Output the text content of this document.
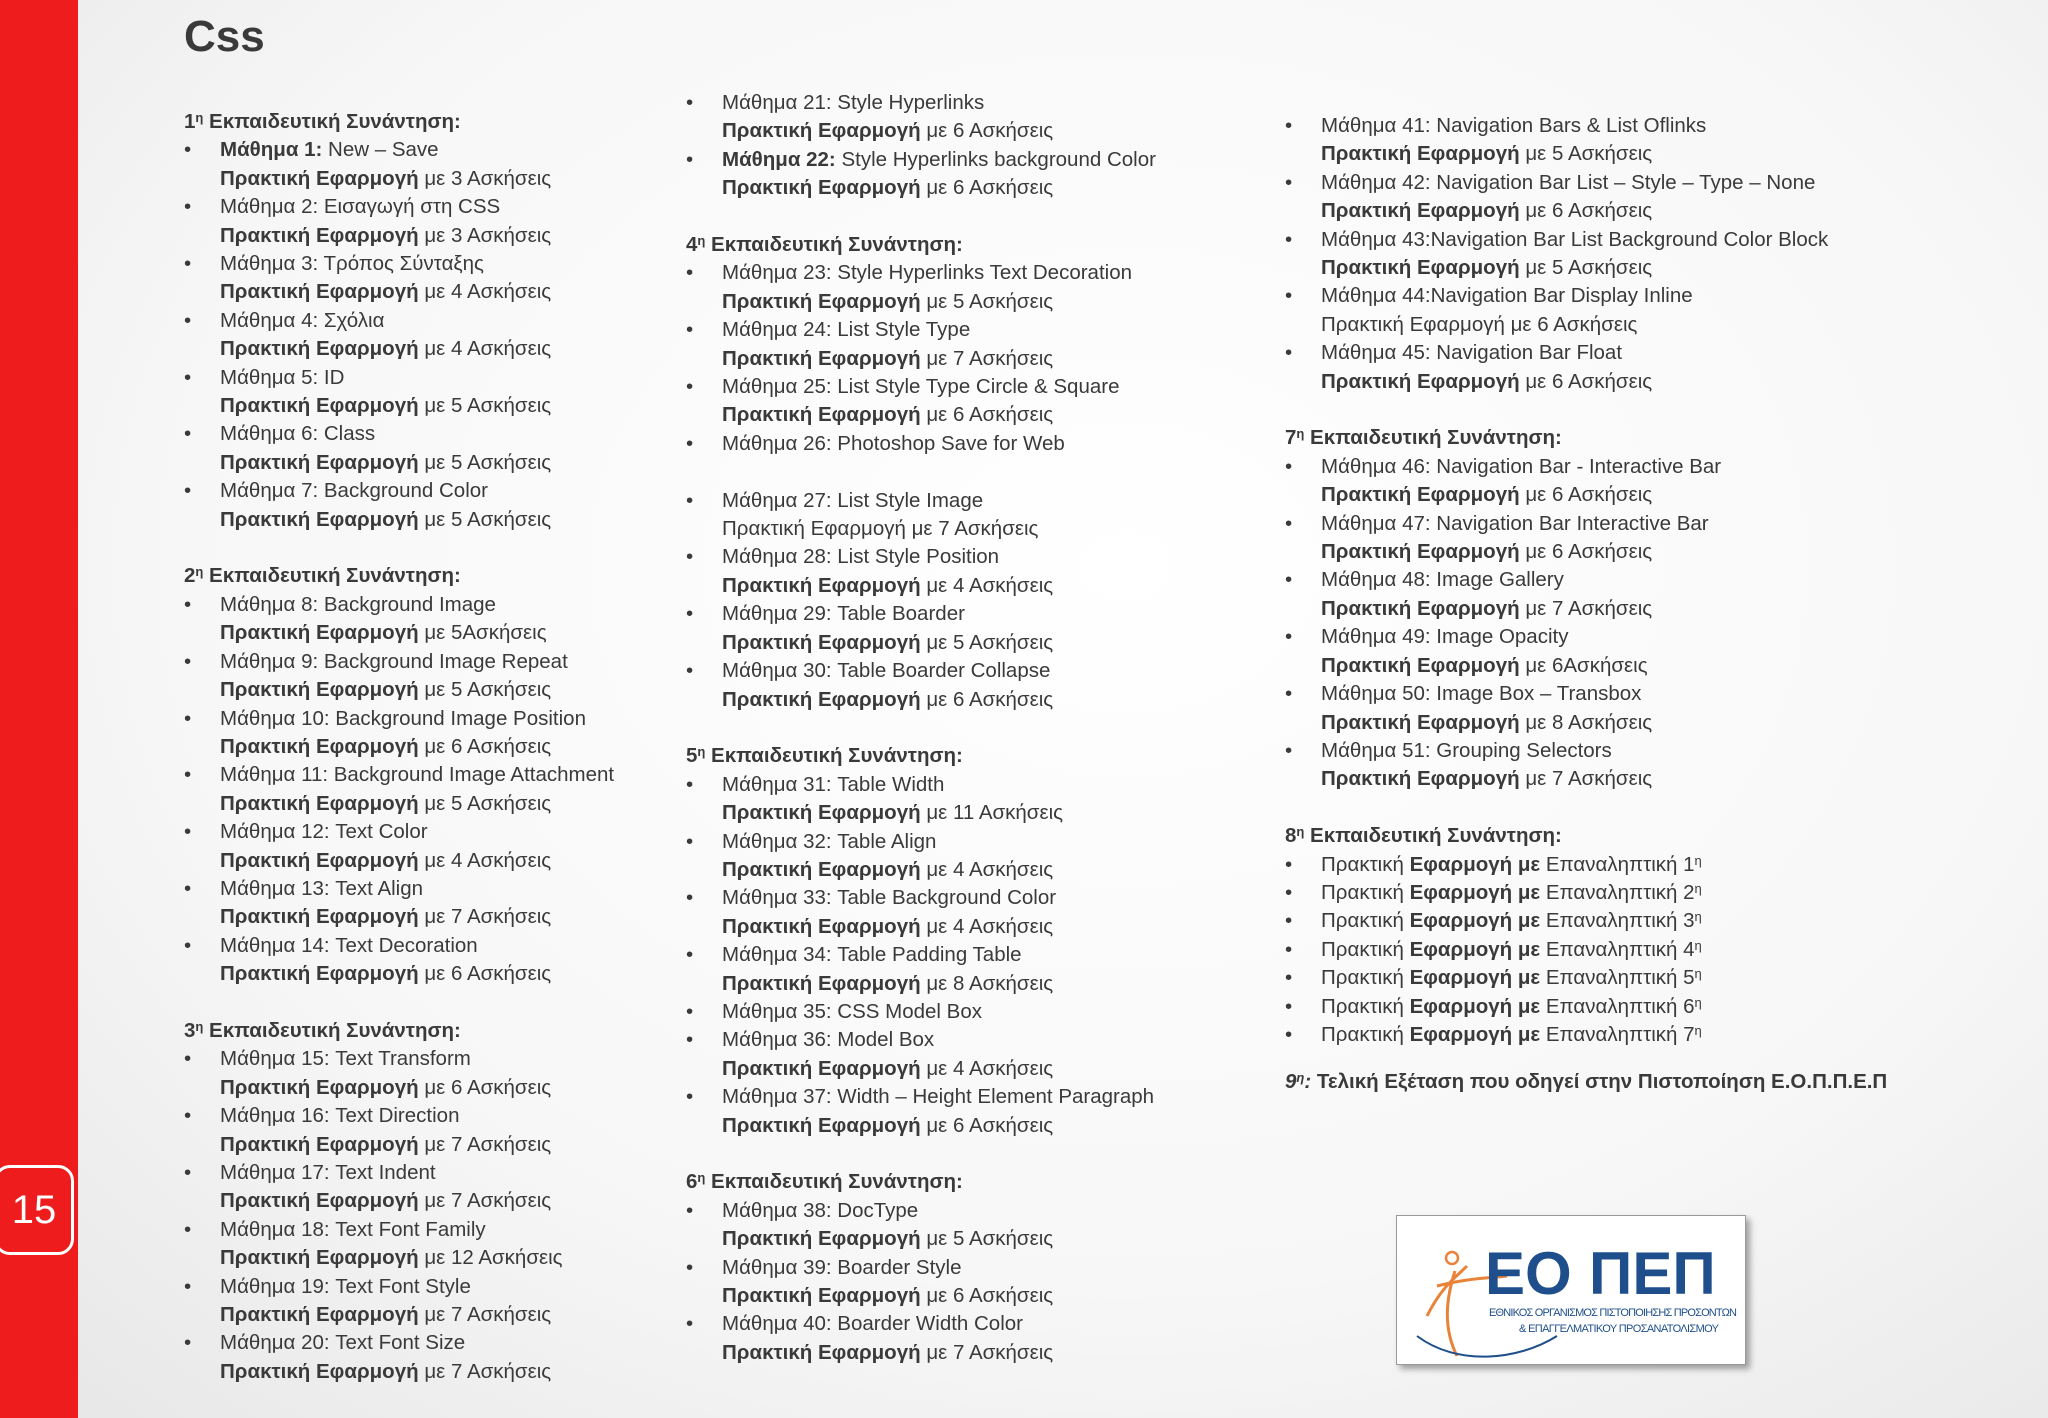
15
Css
$1^\eta$ Εκπαιδευτική Συνάντηση:
• Μάθημα 1: New – Save
Πρακτική Εφαρμογή με 3 Ασκήσεις
• Μάθημα 2: Εισαγωγή στη CSS
Πρακτική Εφαρμογή με 3 Ασκήσεις
• Μάθημα 3: Τρόπος Σύνταξης
Πρακτική Εφαρμογή με 4 Ασκήσεις
• Μάθημα 4: Σχόλια
Πρακτική Εφαρμογή με 4 Ασκήσεις
• Μάθημα 5: ID
Πρακτική Εφαρμογή με 5 Ασκήσεις
• Μάθημα 6: Class
Πρακτική Εφαρμογή με 5 Ασκήσεις
• Μάθημα 7: Background Color
Πρακτική Εφαρμογή με 5 Ασκήσεις
$2^\eta$ Εκπαιδευτική Συνάντηση:
• Μάθημα 8: Background Image
Πρακτική Εφαρμογή με 5Ασκήσεις
• Μάθημα 9: Background Image Repeat
Πρακτική Εφαρμογή με 5 Ασκήσεις
• Μάθημα 10: Background Image Position
Πρακτική Εφαρμογή με 6 Ασκήσεις
• Μάθημα 11: Background Image Attachment
Πρακτική Εφαρμογή με 5 Ασκήσεις
• Μάθημα 12: Text Color
Πρακτική Εφαρμογή με 4 Ασκήσεις
• Μάθημα 13: Text Align
Πρακτική Εφαρμογή με 7 Ασκήσεις
• Μάθημα 14: Text Decoration
Πρακτική Εφαρμογή με 6 Ασκήσεις
$3^\eta$ Εκπαιδευτική Συνάντηση:
• Μάθημα 15: Text Transform
Πρακτική Εφαρμογή με 6 Ασκήσεις
• Μάθημα 16: Text Direction
Πρακτική Εφαρμογή με 7 Ασκήσεις
• Μάθημα 17: Text Indent
Πρακτική Εφαρμογή με 7 Ασκήσεις
• Μάθημα 18: Text Font Family
Πρακτική Εφαρμογή με 12 Ασκήσεις
• Μάθημα 19: Text Font Style
Πρακτική Εφαρμογή με 7 Ασκήσεις
• Μάθημα 20: Text Font Size
Πρακτική Εφαρμογή με 7 Ασκήσεις
• Μάθημα 21: Style Hyperlinks
Πρακτική Εφαρμογή με 6 Ασκήσεις
• Μάθημα 22: Style Hyperlinks background Color
Πρακτική Εφαρμογή με 6 Ασκήσεις
$4^\eta$ Εκπαιδευτική Συνάντηση:
• Μάθημα 23: Style Hyperlinks Text Decoration
Πρακτική Εφαρμογή με 5 Ασκήσεις
• Μάθημα 24: List Style Type
Πρακτική Εφαρμογή με 7 Ασκήσεις
• Μάθημα 25: List Style Type Circle & Square
Πρακτική Εφαρμογή με 6 Ασκήσεις
• Μάθημα 26: Photoshop Save for Web
• Μάθημα 27: List Style Image
Πρακτική Εφαρμογή με 7 Ασκήσεις
• Μάθημα 28: List Style Position
Πρακτική Εφαρμογή με 4 Ασκήσεις
• Μάθημα 29: Table Boarder
Πρακτική Εφαρμογή με 5 Ασκήσεις
• Μάθημα 30: Table Boarder Collapse
Πρακτική Εφαρμογή με 6 Ασκήσεις
$5^\eta$ Εκπαιδευτική Συνάντηση:
• Μάθημα 31: Table Width
Πρακτική Εφαρμογή με 11 Ασκήσεις
• Μάθημα 32: Table Align
Πρακτική Εφαρμογή με 4 Ασκήσεις
• Μάθημα 33: Table Background Color
Πρακτική Εφαρμογή με 4 Ασκήσεις
• Μάθημα 34: Table Padding Table
Πρακτική Εφαρμογή με 8 Ασκήσεις
• Μάθημα 35: CSS Model Box
• Μάθημα 36: Model Box
Πρακτική Εφαρμογή με 4 Ασκήσεις
• Μάθημα 37: Width – Height Element Paragraph
Πρακτική Εφαρμογή με 6 Ασκήσεις
$6^\eta$ Εκπαιδευτική Συνάντηση:
• Μάθημα 38: DocType
Πρακτική Εφαρμογή με 5 Ασκήσεις
• Μάθημα 39: Boarder Style
Πρακτική Εφαρμογή με 6 Ασκήσεις
• Μάθημα 40: Boarder Width Color
Πρακτική Εφαρμογή με 7 Ασκήσεις
• Μάθημα 41: Navigation Bars & List Oflinks
Πρακτική Εφαρμογή με 5 Ασκήσεις
• Μάθημα 42: Navigation Bar List – Style – Type – None
Πρακτική Εφαρμογή με 6 Ασκήσεις
• Μάθημα 43:Navigation Bar List Background Color Block
Πρακτική Εφαρμογή με 5 Ασκήσεις
• Μάθημα 44:Navigation Bar Display Inline
Πρακτική Εφαρμογή με 6 Ασκήσεις
• Μάθημα 45: Navigation Bar Float
Πρακτική Εφαρμογή με 6 Ασκήσεις
$7^\eta$ Εκπαιδευτική Συνάντηση:
• Μάθημα 46: Navigation Bar - Interactive Bar
Πρακτική Εφαρμογή με 6 Ασκήσεις
• Μάθημα 47: Navigation Bar Interactive Bar
Πρακτική Εφαρμογή με 6 Ασκήσεις
• Μάθημα 48: Image Gallery
Πρακτική Εφαρμογή με 7 Ασκήσεις
• Μάθημα 49: Image Opacity
Πρακτική Εφαρμογή με 6Ασκήσεις
• Μάθημα 50: Image Box – Transbox
Πρακτική Εφαρμογή με 8 Ασκήσεις
• Μάθημα 51: Grouping Selectors
Πρακτική Εφαρμογή με 7 Ασκήσεις
$8^\eta$ Εκπαιδευτική Συνάντηση:
• Πρακτική Εφαρμογή με Επαναληπτική $1^\eta$
• Πρακτική Εφαρμογή με Επαναληπτική $2^\eta$
• Πρακτική Εφαρμογή με Επαναληπτική $3^\eta$
• Πρακτική Εφαρμογή με Επαναληπτική $4^\eta$
• Πρακτική Εφαρμογή με Επαναληπτική $5^\eta$
• Πρακτική Εφαρμογή με Επαναληπτική $6^\eta$
• Πρακτική Εφαρμογή με Επαναληπτική $7^\eta$
$9^\eta$: Τελική Εξέταση που οδηγεί στην Πιστοποίηση Ε.Ο.Π.Π.Ε.Π
ΕΟ ΠΕΠ
ΕΘΝΙΚΟΣ ΟΡΓΑΝΙΣΜΟΣ ΠΙΣΤΟΠΟΙΗΣΗΣ ΠΡΟΣΟΝΤΩΝ
& ΕΠΑΓΓΕΛΜΑΤΙΚΟΥ ΠΡΟΣΑΝΑΤΟΛΙΣΜΟΥ
